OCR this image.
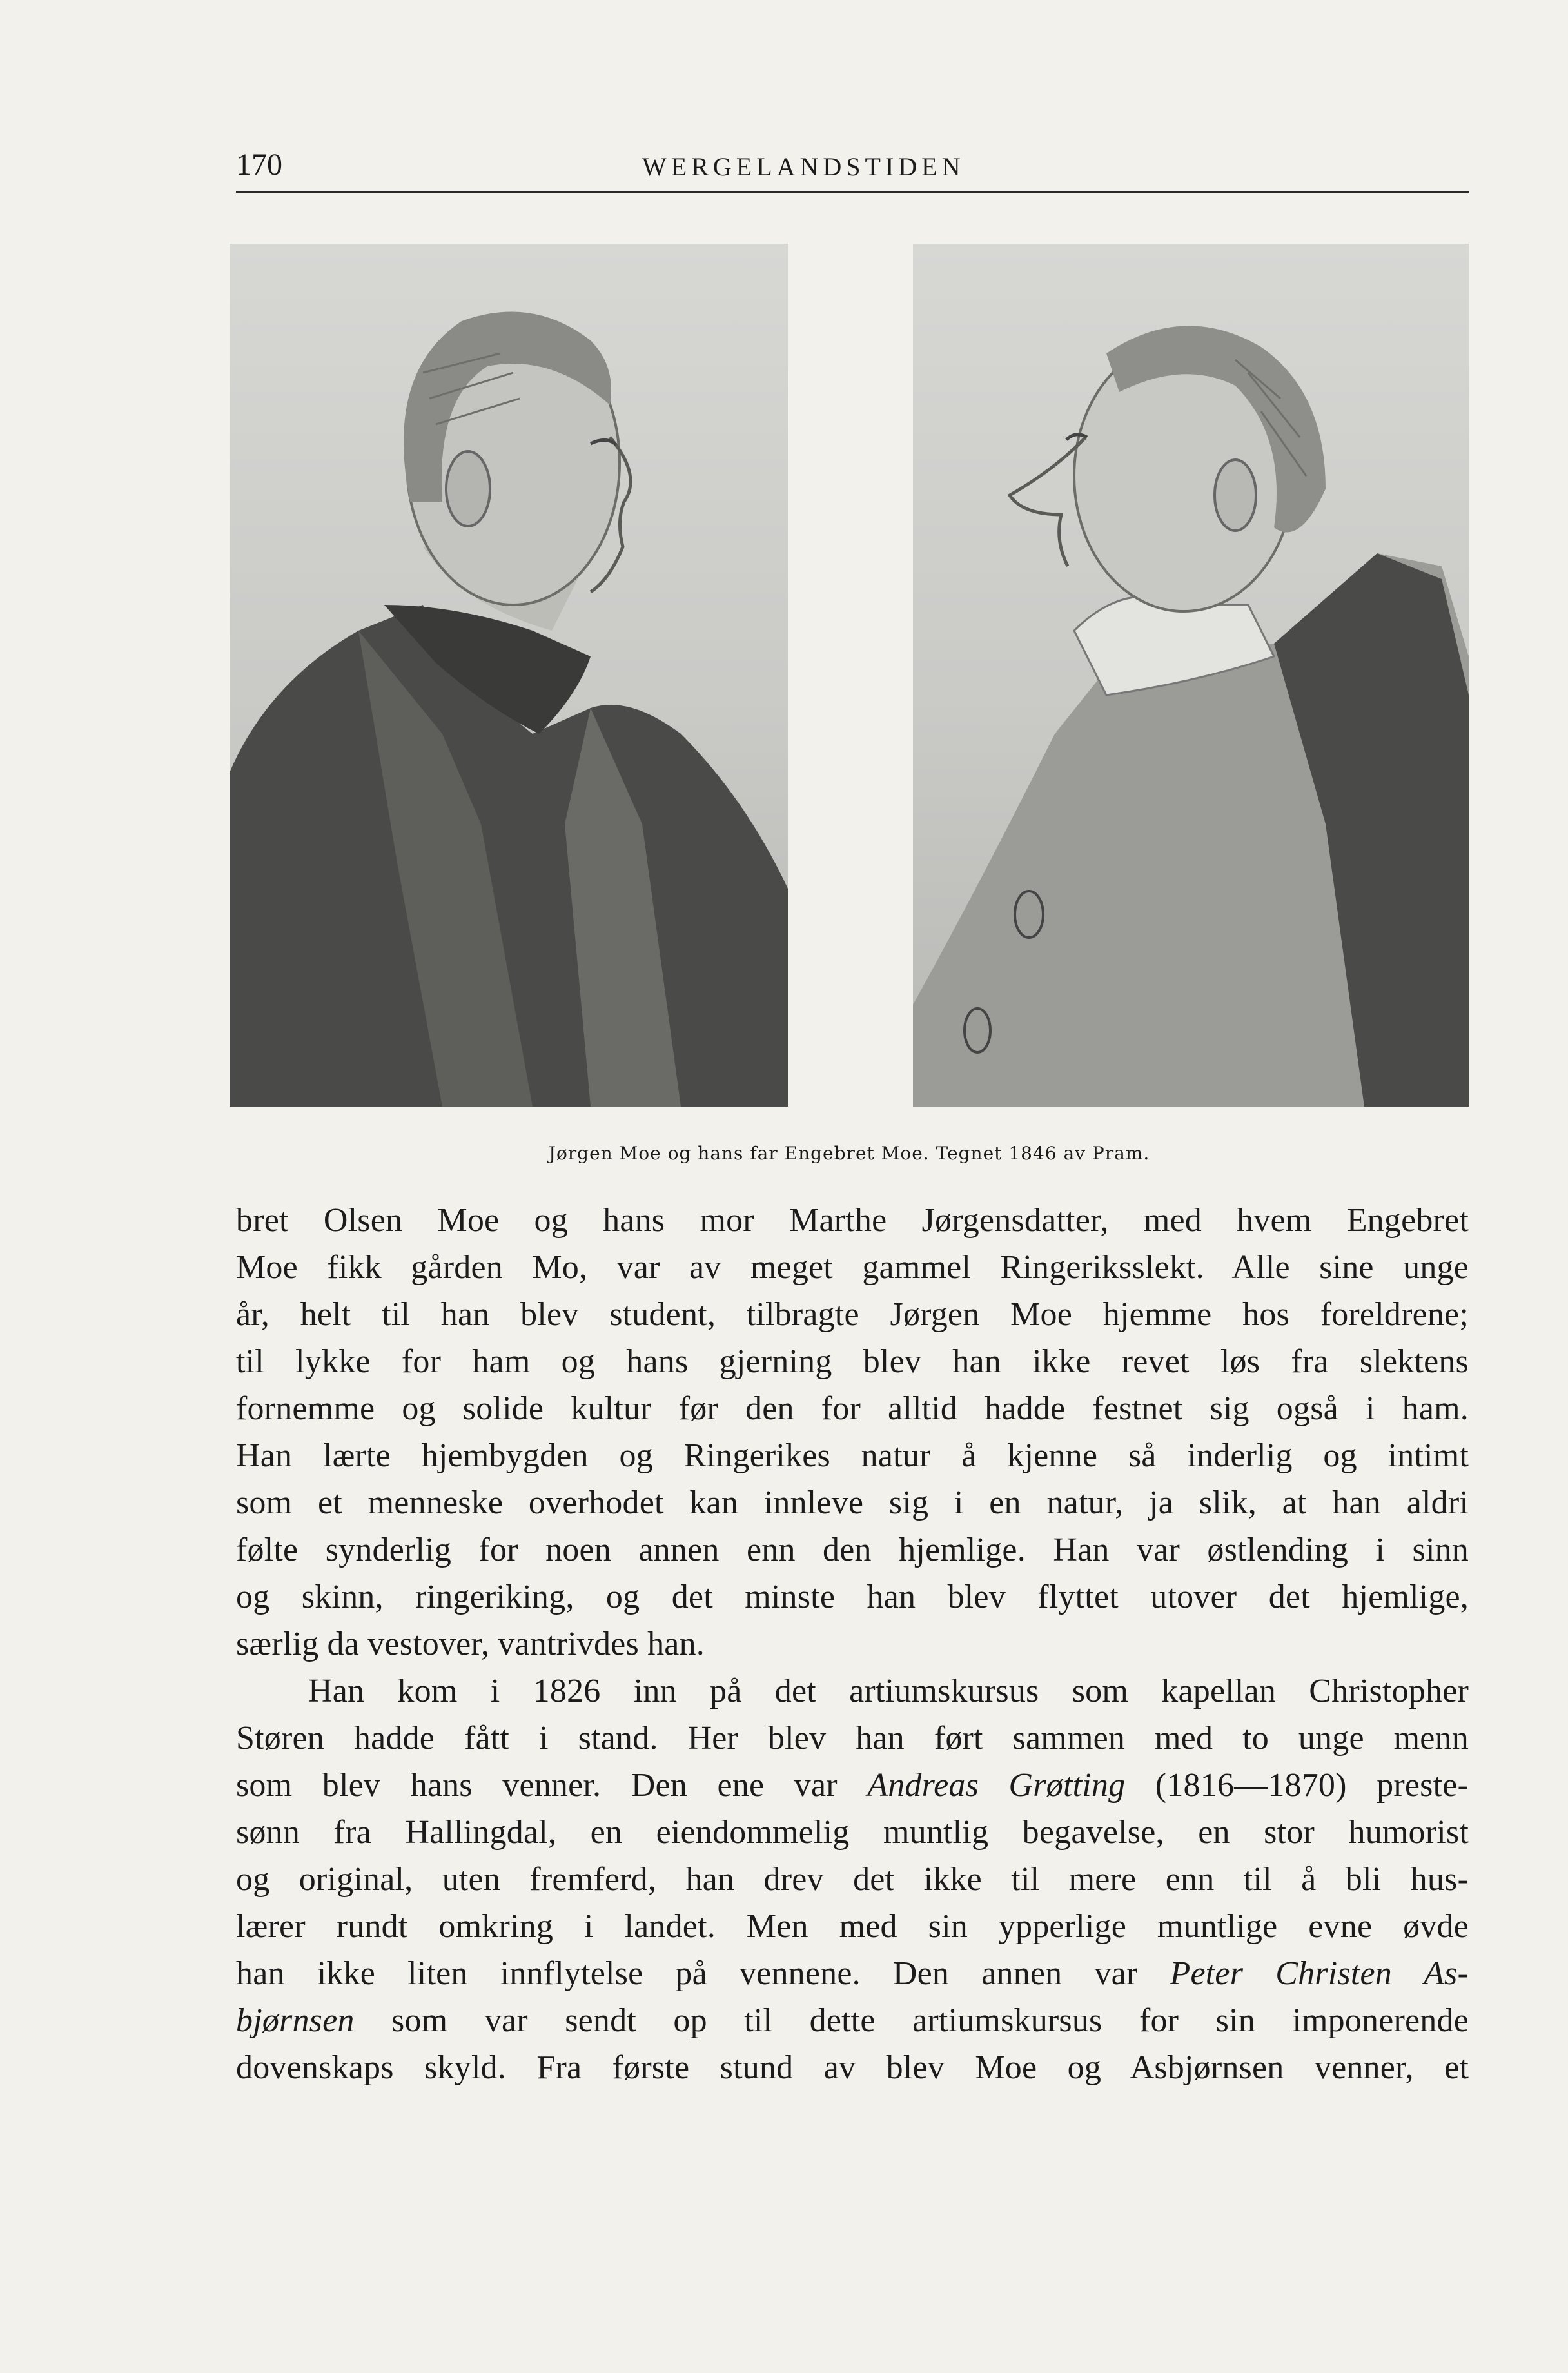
170	WERGELANDSTIDEN
Jørgen Moe og hans far Engebret Moe. Tegnet 1846 av Pram.
bret Olsen Moe og hans mor Marthe Jørgensdatter, med hvem Engebret
Moe fikk gården Mo, var av meget gammel Ringeriksslekt. Alle sine unge
år, helt til han blev student, tilbragte Jørgen Moe hjemme hos foreldrene;
til lykke for ham og hans gjerning blev han ikke revet løs fra slektens
fornemme og solide kultur før den for alltid hadde festnet sig også i ham.
Han lærte hjembygden og Ringerikes natur å kjenne så inderlig og intimt
som et menneske overhodet kan innleve sig i en natur, ja slik, at han aldri
følte synderlig for noen annen enn den hjemlige. Han var østlending i sinn
og skinn, ringeriking, og det minste han blev flyttet utover det hjemlige,
særlig da vestover, vantrivdes han.
Han kom i 1826 inn på det artiumskursus som kapellan Christopher
Støren hadde fått i stand. Her blev han ført sammen med to unge menn
som blev hans venner. Den ene var Andreas Grøtting (1816—1870) preste-
sønn fra Hallingdal, en eiendommelig muntlig begavelse, en stor humorist
og original, uten fremferd, han drev det ikke til mere enn til å bli hus-
lærer rundt omkring i landet. Men med sin ypperlige muntlige evne øvde
han ikke liten innflytelse på vennene. Den annen var Peter Christen As-
bjørnsen som var sendt op til dette artiumskursus for sin imponerende
dovenskaps skyld. Fra første stund av blev Moe og Asbjørnsen venner, et
